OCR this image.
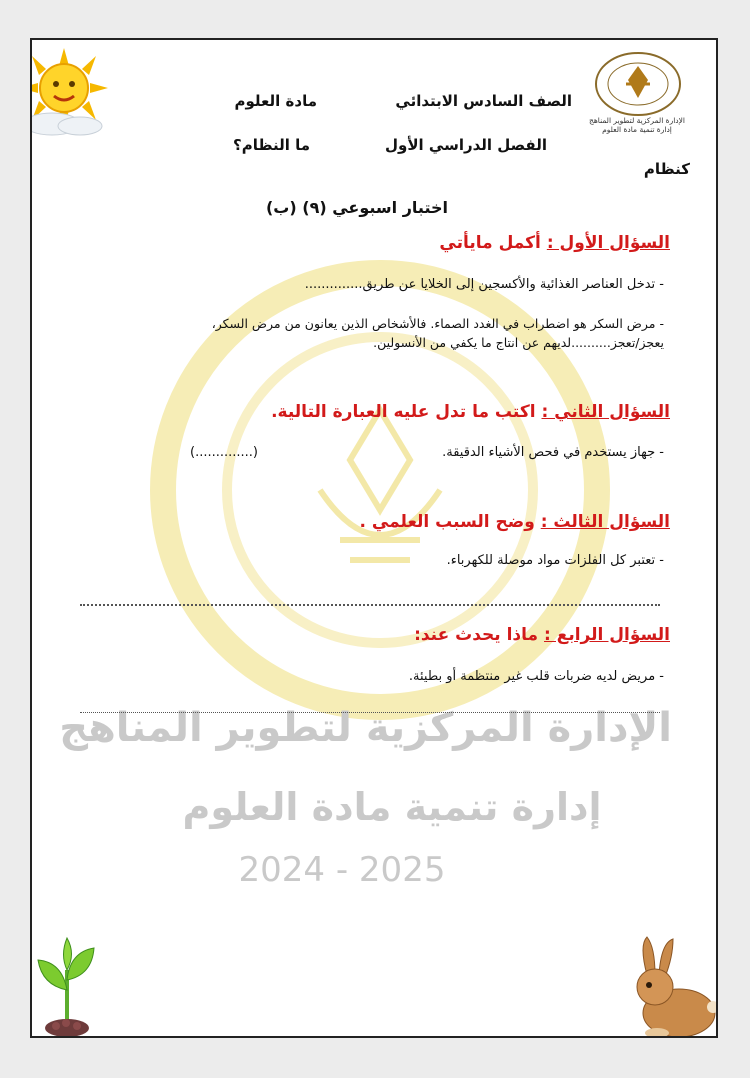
الإدارة المركزية لتطوير المناهج
إدارة تنمية مادة العلوم
2024 - 2025
الإدارة المركزية لتطوير المناهج
إدارة تنمية مادة العلوم
الصف السادس الابتدائي
مادة العلوم
الفصل الدراسي الأول
ما النظام؟
كنظام
اختبار اسبوعي (٩) (ب)
السؤال الأول : أكمل مايأتي
- تدخل العناصر الغذائية والأكسجين إلى الخلايا عن طريق..............
- مرض السكر هو اضطراب في الغدد الصماء. فالأشخاص الذين يعانون من مرض السكر،
يعجز/تعجز..........لديهم عن انتاج ما يكفي من الأنسولين.
السؤال الثاني : اكتب ما تدل عليه العبارة التالية.
- جهاز يستخدم في فحص الأشياء الدقيقة.
(..............)
السؤال الثالث : وضح السبب العلمي .
- تعتبر كل الفلزات مواد موصلة للكهرباء.
السؤال الرابع : ماذا يحدث عند:
- مريض لديه ضربات قلب غير منتظمة أو بطيئة.
